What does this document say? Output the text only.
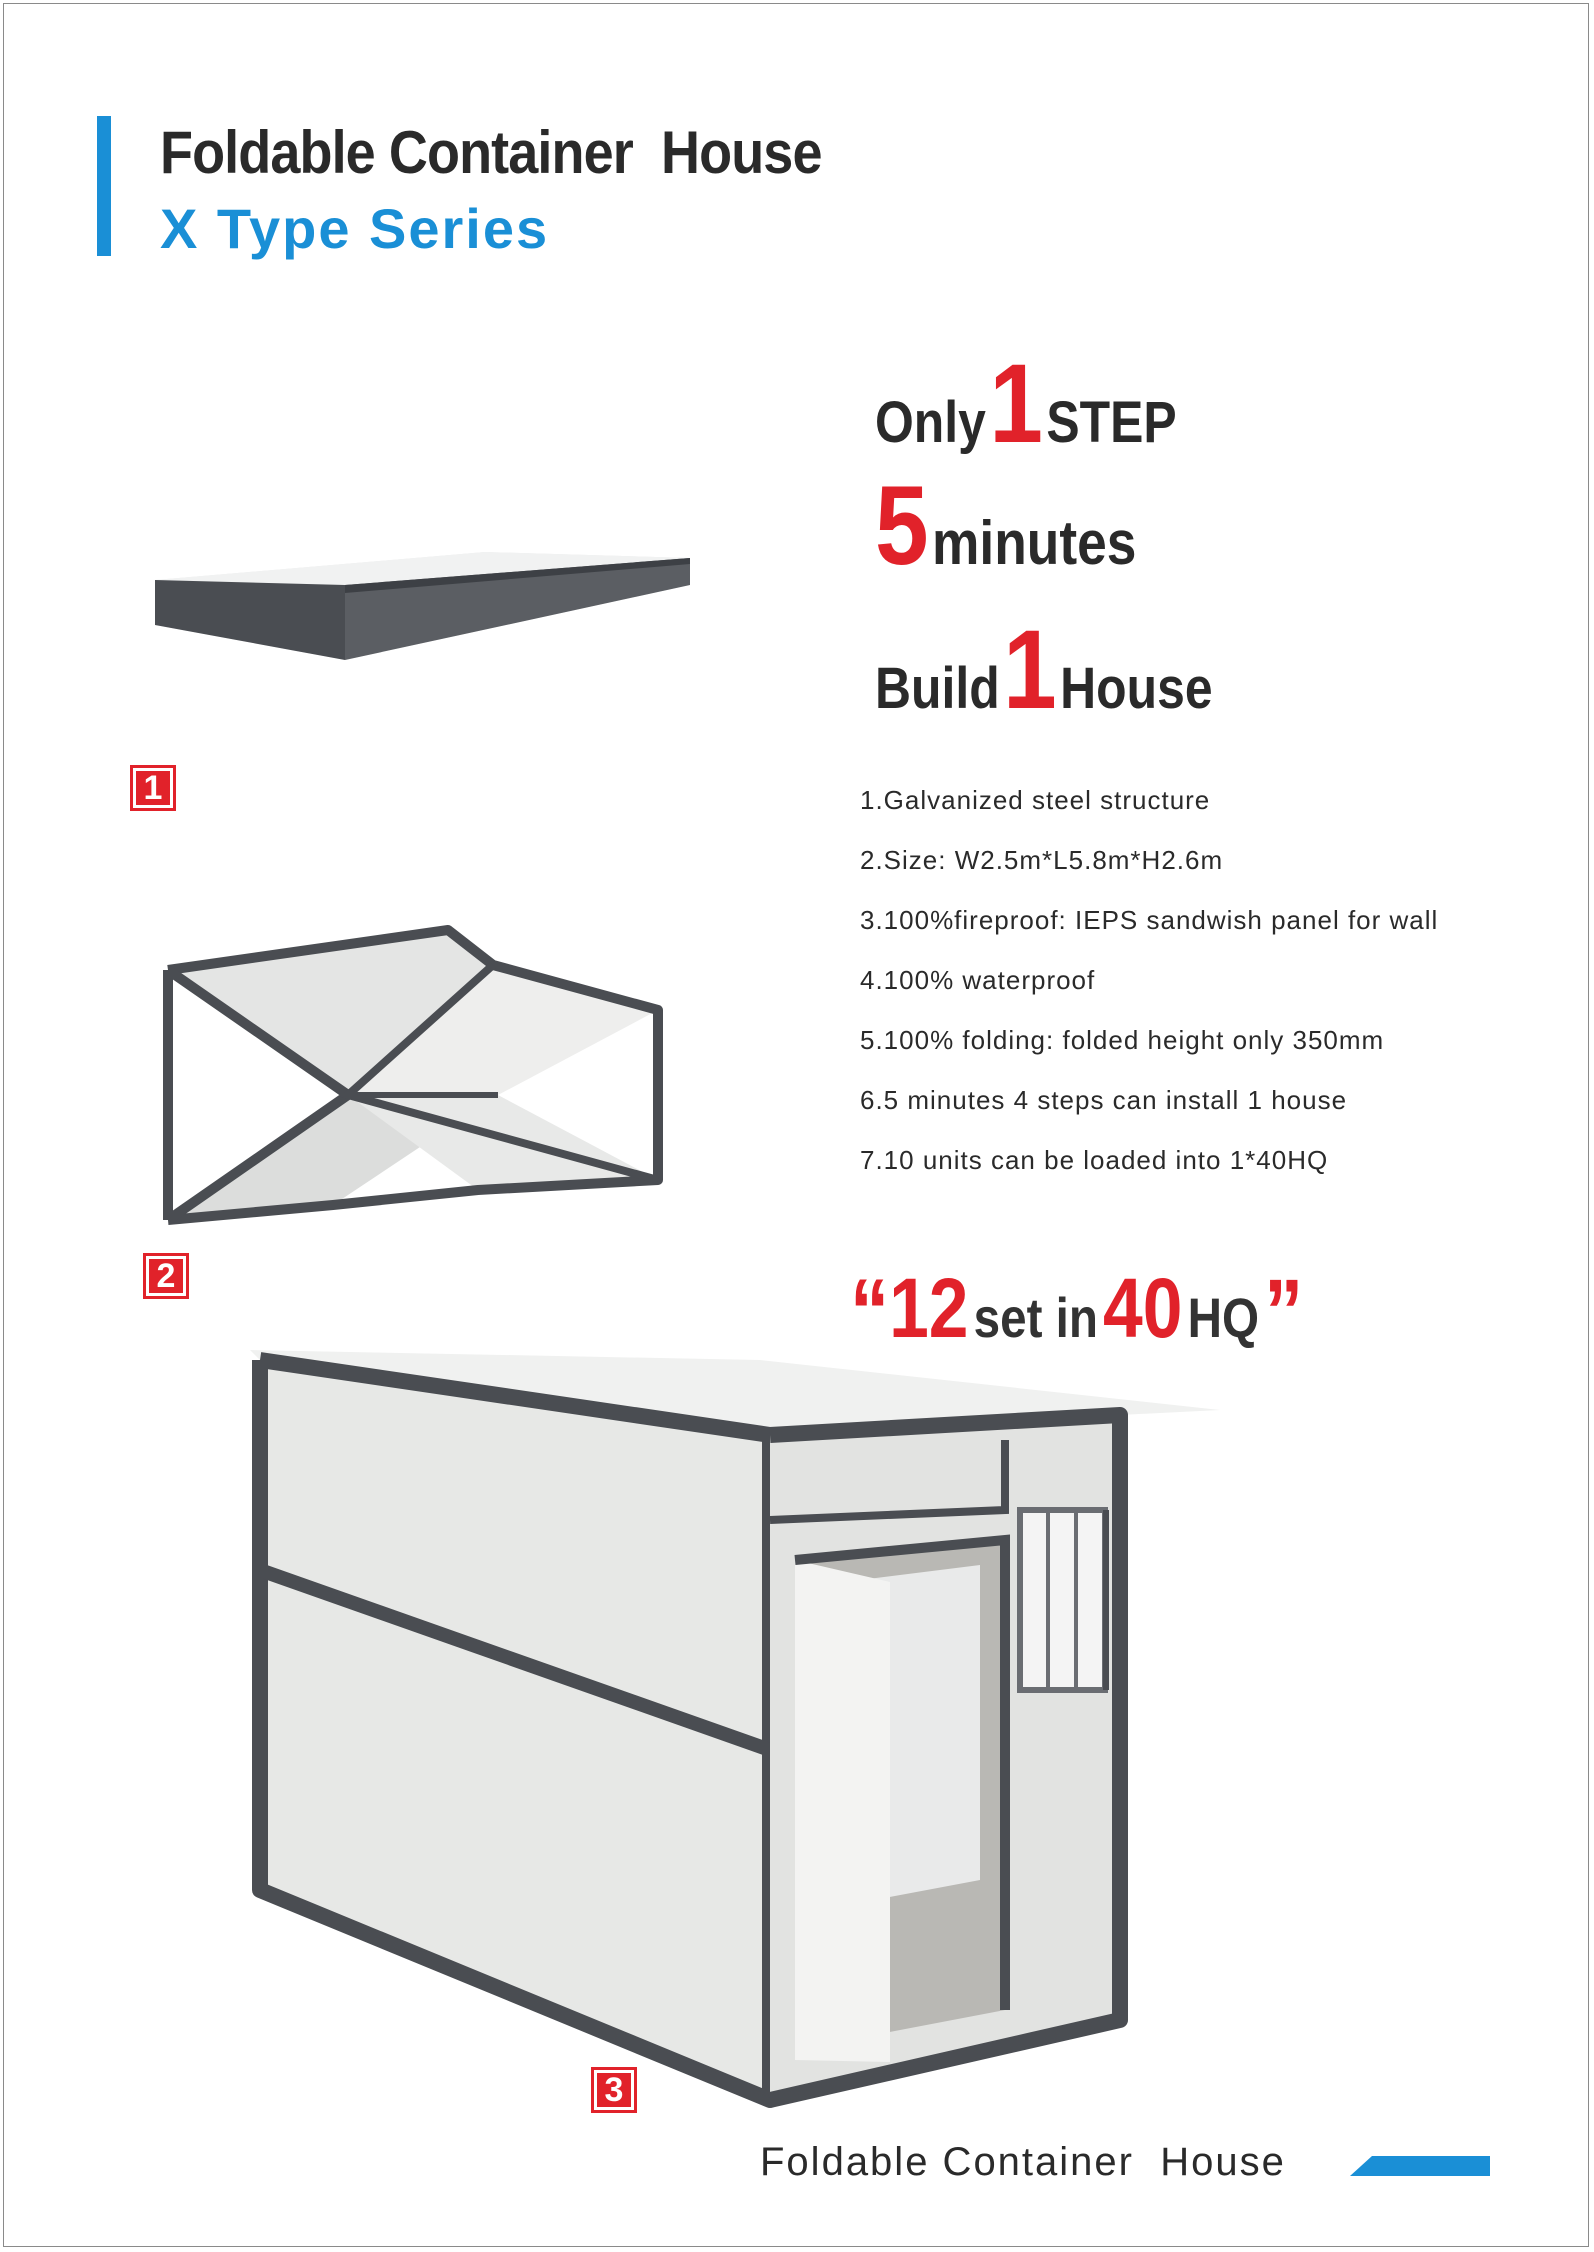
Foldable Container  House
X Type Series
Only1STEP
5minutes
Build1House
1.Galvanized steel structure
2.Size: W2.5m*L5.8m*H2.6m
3.100%fireproof: IEPS sandwish panel for wall
4.100% waterproof
5.100% folding: folded height only 350mm
6.5 minutes 4 steps can install 1 house
7.10 units can be loaded into 1*40HQ
“12set in40HQ”
1
2
3
Foldable Container  House
